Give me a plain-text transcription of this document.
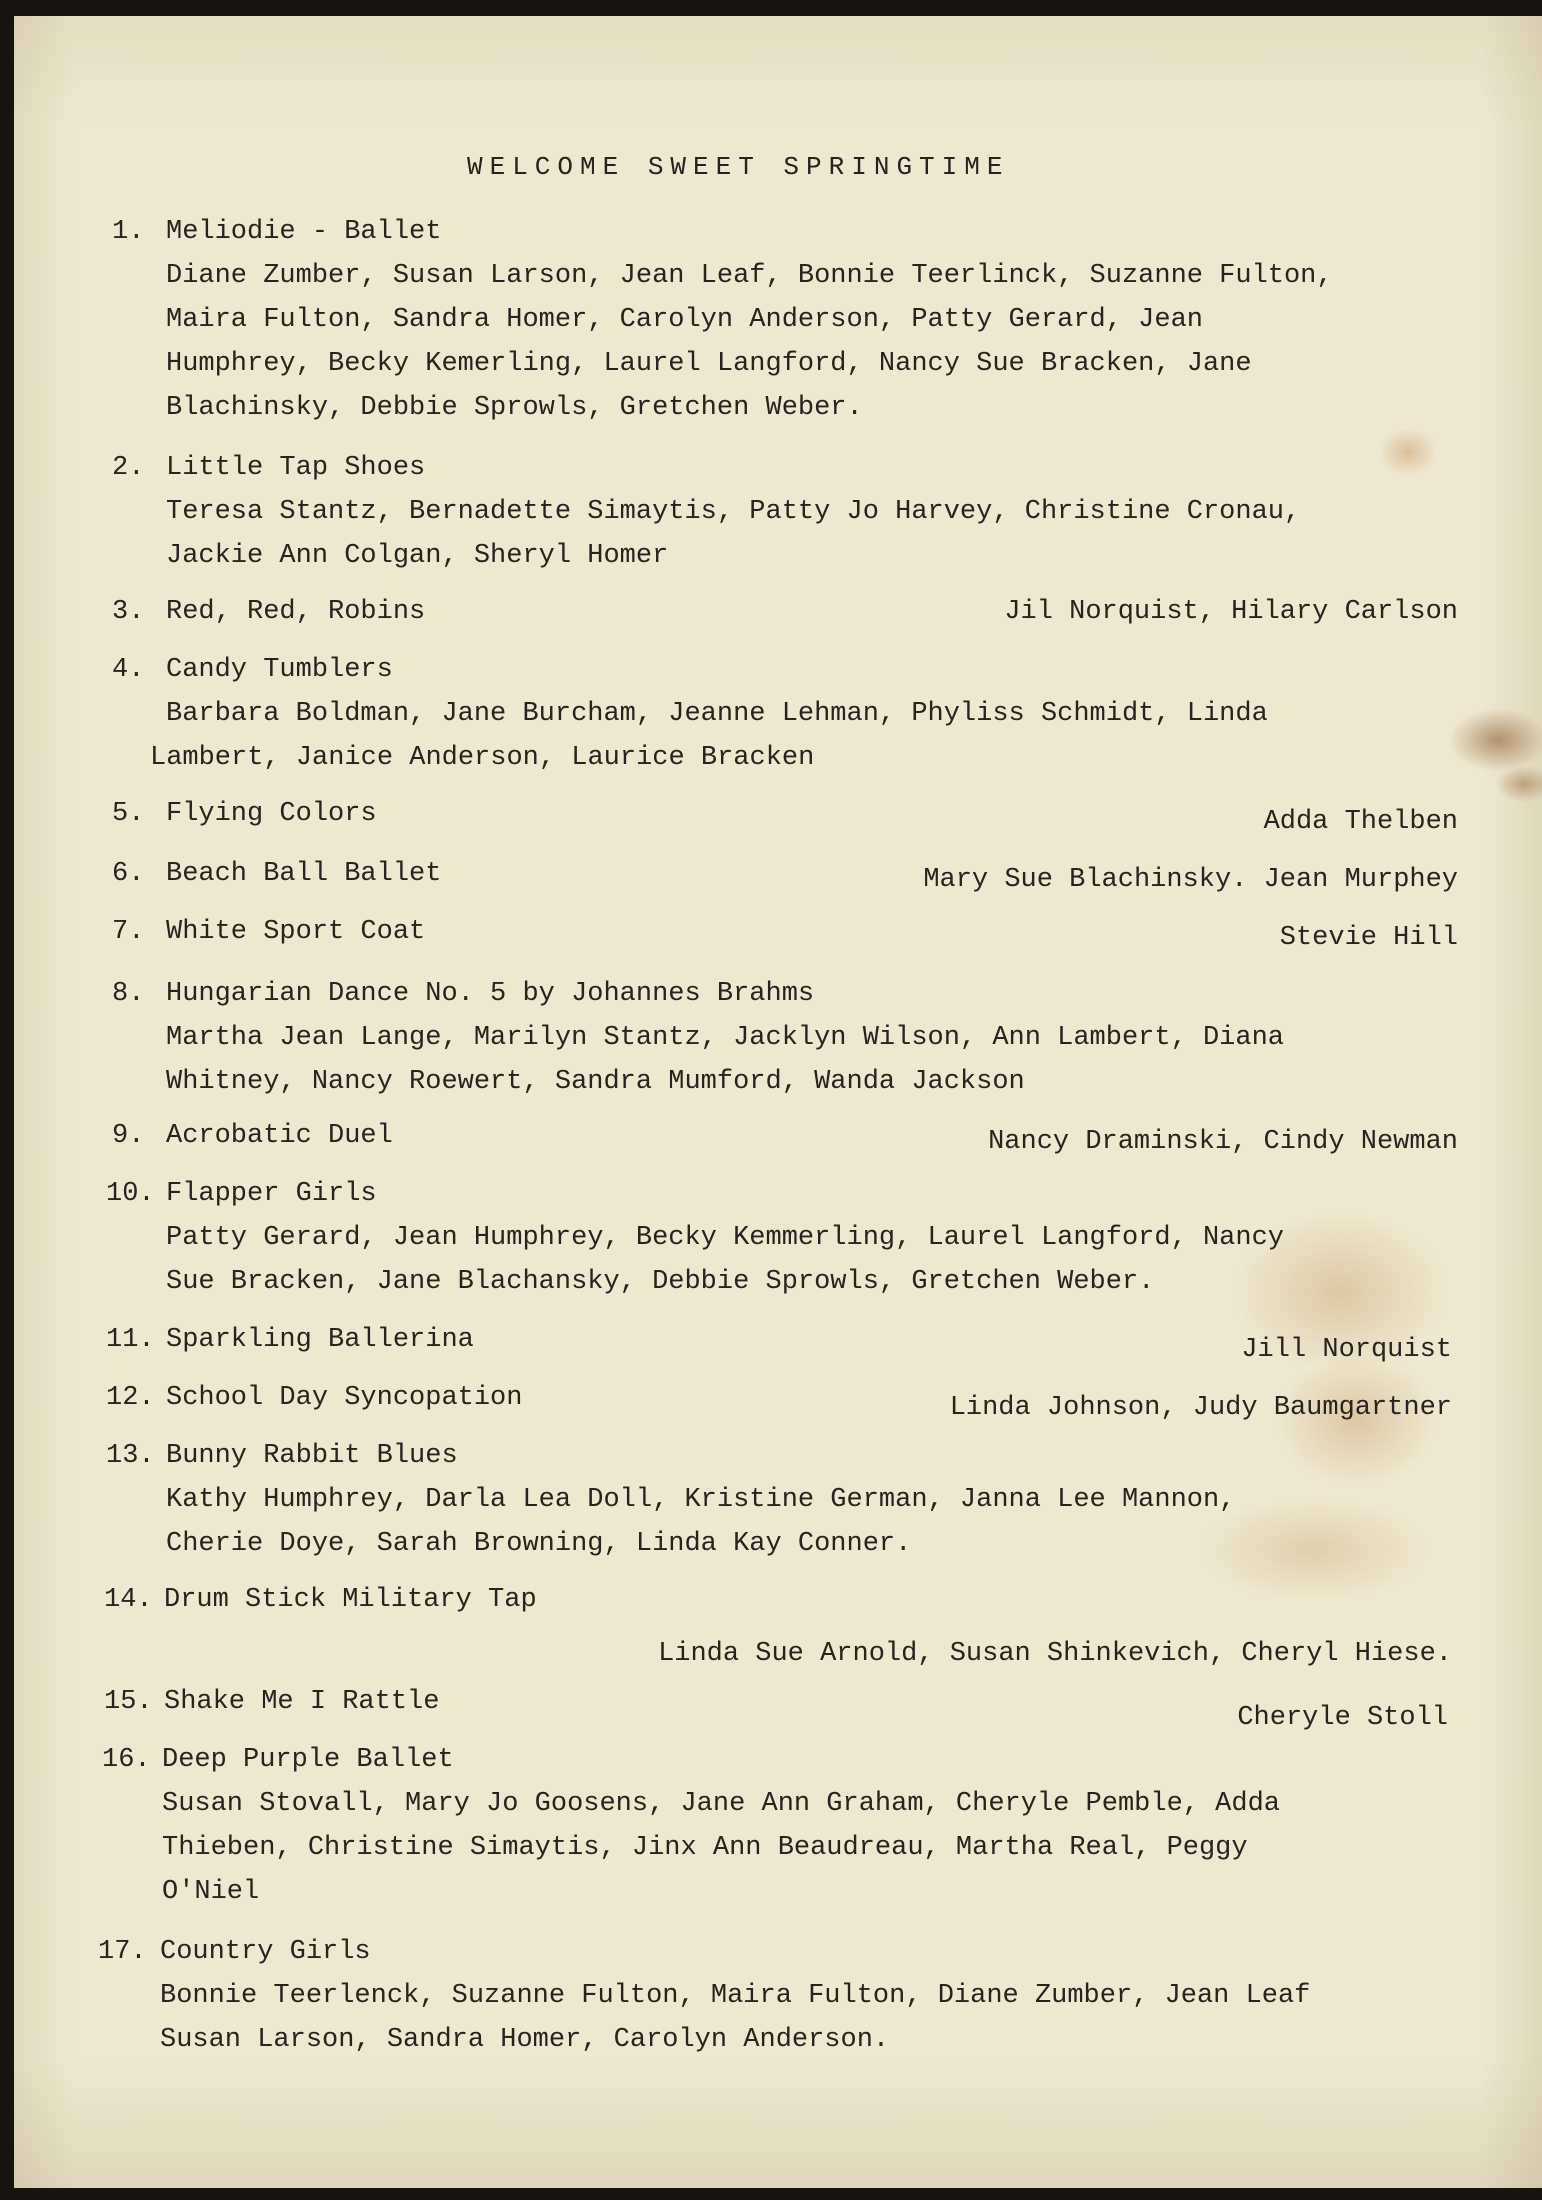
WELCOME SWEET SPRINGTIME
1. Meliodie - Ballet
Diane Zumber, Susan Larson, Jean Leaf, Bonnie Teerlinck, Suzanne Fulton,
Maira Fulton, Sandra Homer, Carolyn Anderson, Patty Gerard, Jean
Humphrey, Becky Kemerling, Laurel Langford, Nancy Sue Bracken, Jane
Blachinsky, Debbie Sprowls, Gretchen Weber.
2. Little Tap Shoes
Teresa Stantz, Bernadette Simaytis, Patty Jo Harvey, Christine Cronau,
Jackie Ann Colgan, Sheryl Homer
3. Red, Red, Robins	Jil Norquist, Hilary Carlson
4. Candy Tumblers
Barbara Boldman, Jane Burcham, Jeanne Lehman, Phyliss Schmidt, Linda
Lambert, Janice Anderson, Laurice Bracken
5. Flying Colors	Adda Thelben
6. Beach Ball Ballet	Mary Sue Blachinsky. Jean Murphey
7. White Sport Coat	Stevie Hill
8. Hungarian Dance No. 5 by Johannes Brahms
Martha Jean Lange, Marilyn Stantz, Jacklyn Wilson, Ann Lambert, Diana
Whitney, Nancy Roewert, Sandra Mumford, Wanda Jackson
9. Acrobatic Duel	Nancy Draminski, Cindy Newman
10. Flapper Girls
Patty Gerard, Jean Humphrey, Becky Kemmerling, Laurel Langford, Nancy
Sue Bracken, Jane Blachansky, Debbie Sprowls, Gretchen Weber.
11. Sparkling Ballerina	Jill Norquist
12. School Day Syncopation	Linda Johnson, Judy Baumgartner
13. Bunny Rabbit Blues
Kathy Humphrey, Darla Lea Doll, Kristine German, Janna Lee Mannon,
Cherie Doye, Sarah Browning, Linda Kay Conner.
14. Drum Stick Military Tap
Linda Sue Arnold, Susan Shinkevich, Cheryl Hiese.
15. Shake Me I Rattle
Cheryle Stoll
16. Deep Purple Ballet
Susan Stovall, Mary Jo Goosens, Jane Ann Graham, Cheryle Pemble, Adda
Thieben, Christine Simaytis, Jinx Ann Beaudreau, Martha Real, Peggy
O'Niel
17. Country Girls
Bonnie Teerlenck, Suzanne Fulton, Maira Fulton, Diane Zumber, Jean Leaf
Susan Larson, Sandra Homer, Carolyn Anderson.
